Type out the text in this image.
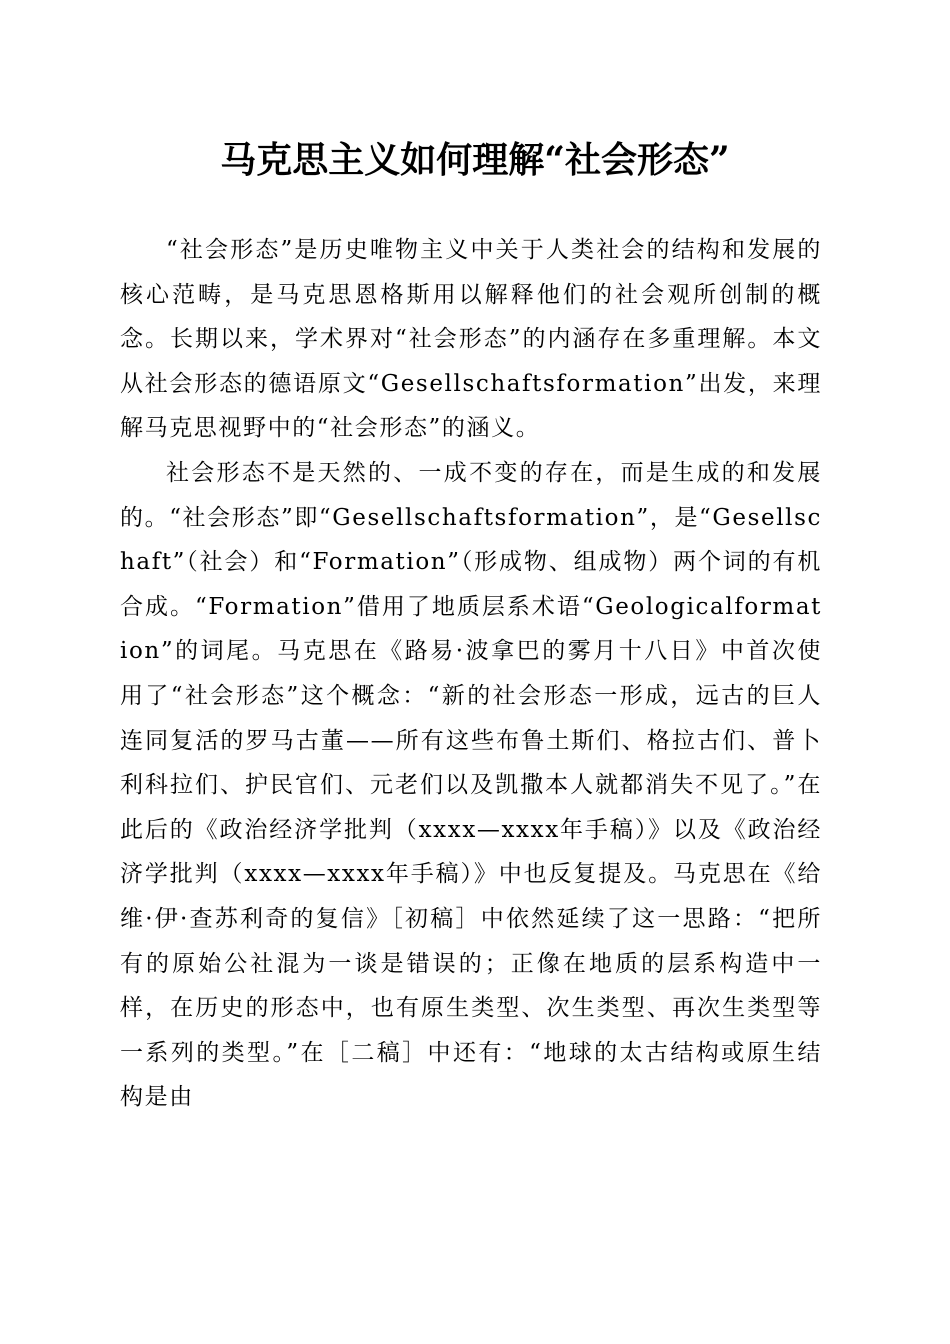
马克思主义如何理解“社会形态”

“社会形态”是历史唯物主义中关于人类社会的结构和发展的核心范畴，是马克思恩格斯用以解释他们的社会观所创制的概念。长期以来，学术界对“社会形态”的内涵存在多重理解。本文从社会形态的德语原文“Gesellschaftsformation”出发，来理解马克思视野中的“社会形态”的涵义。

社会形态不是天然的、一成不变的存在，而是生成的和发展的。“社会形态”即“Gesellschaftsformation”，是“Gesellschaft”（社会）和“Formation”（形成物、组成物）两个词的有机合成。“Formation”借用了地质层系术语“Geologicalformation”的词尾。马克思在《路易·波拿巴的雾月十八日》中首次使用了“社会形态”这个概念：“新的社会形态一形成，远古的巨人连同复活的罗马古董——所有这些布鲁土斯们、格拉古们、普卜利科拉们、护民官们、元老们以及凯撒本人就都消失不见了。”在此后的《政治经济学批判（xxxx—xxxx年手稿）》以及《政治经济学批判（xxxx—xxxx年手稿）》中也反复提及。马克思在《给维·伊·查苏利奇的复信》［初稿］中依然延续了这一思路：“把所有的原始公社混为一谈是错误的；正像在地质的层系构造中一样，在历史的形态中，也有原生类型、次生类型、再次生类型等一系列的类型。”在［二稿］中还有：“地球的太古结构或原生结构是由
